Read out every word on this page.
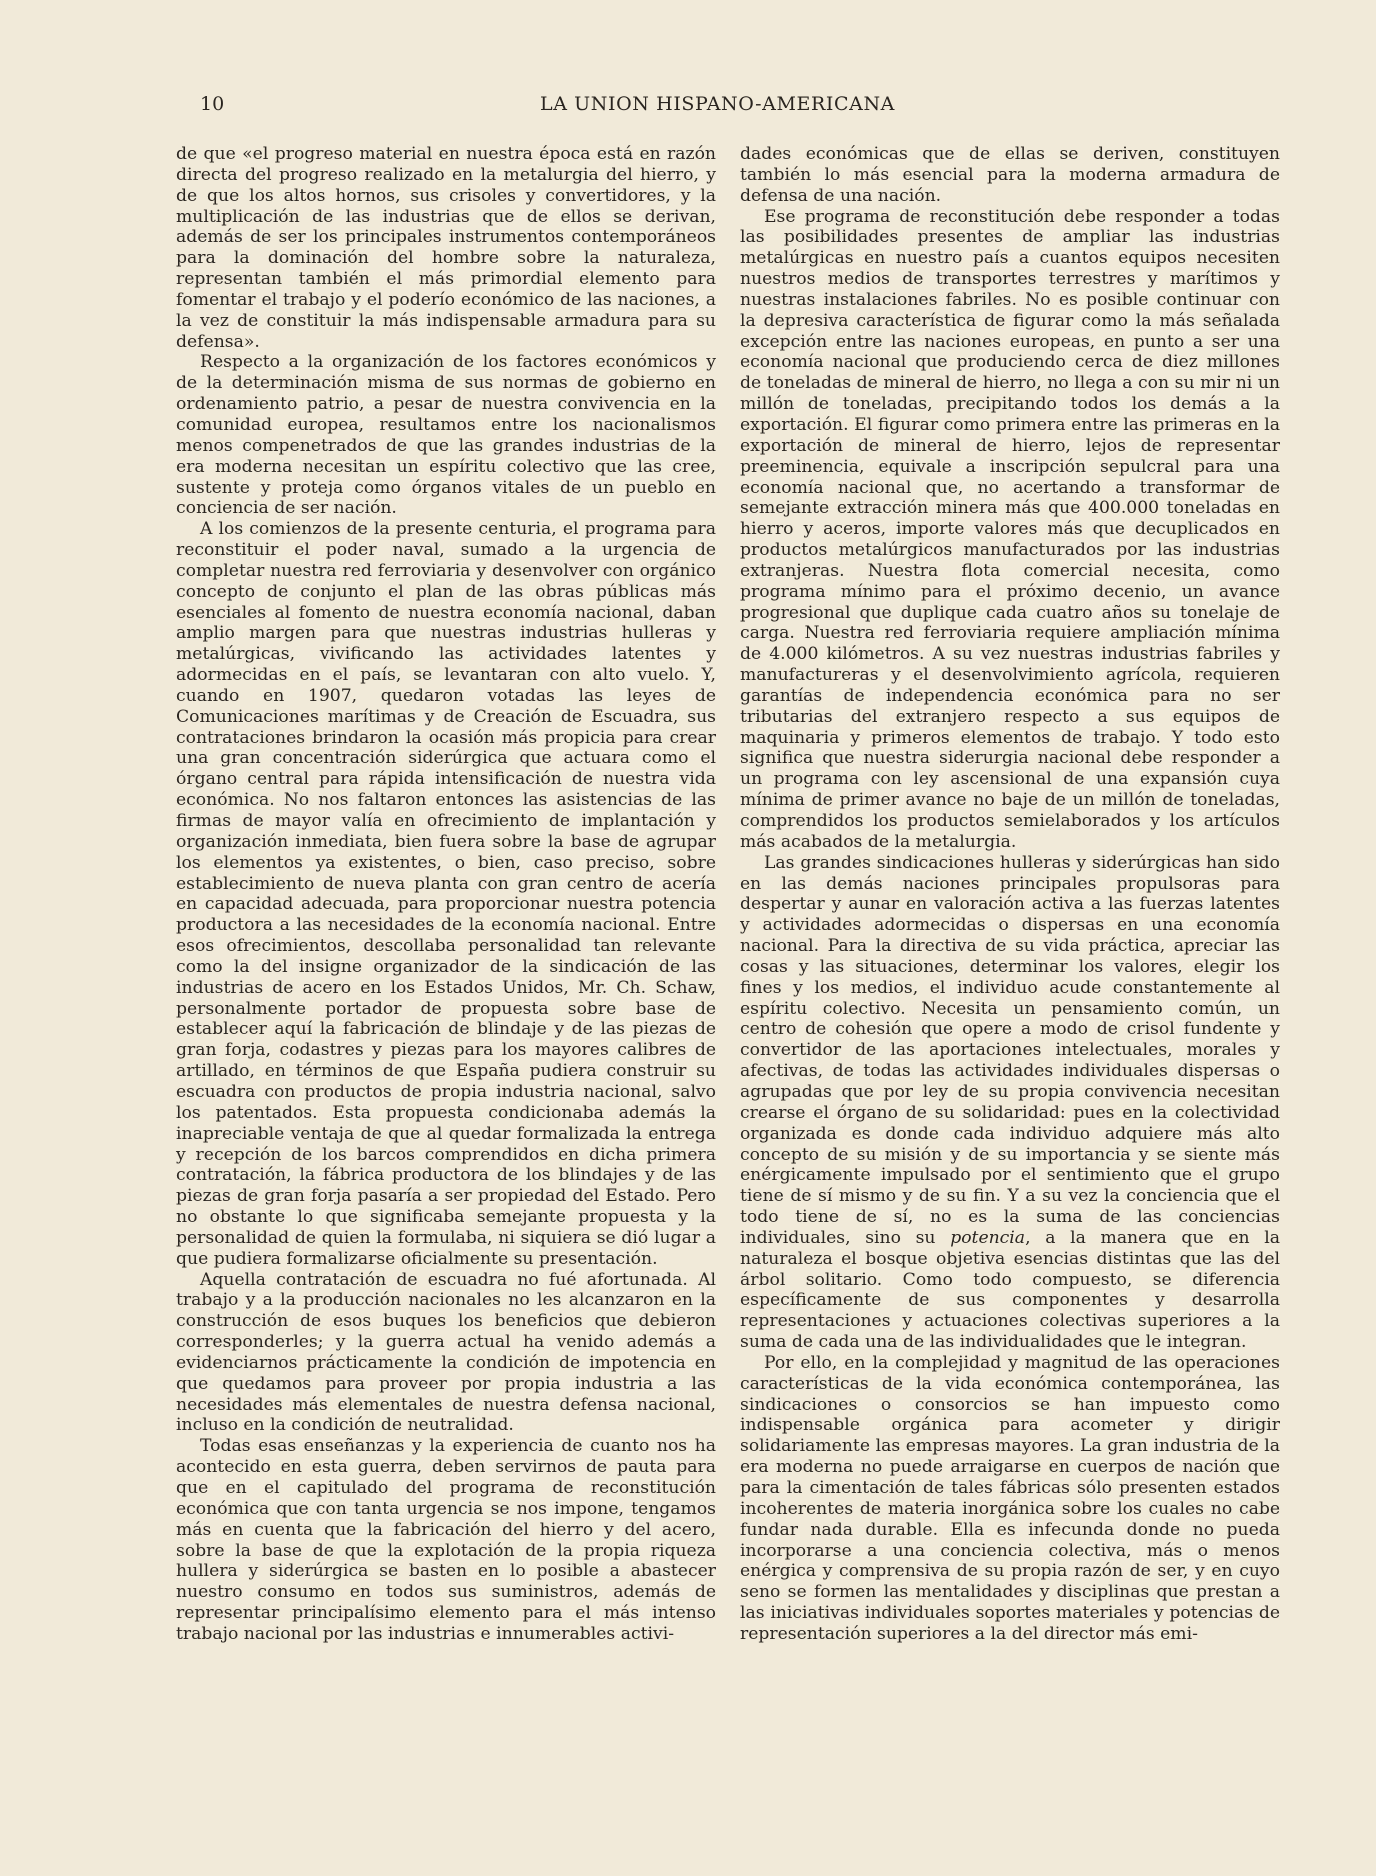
10	LA UNION HISPANO-AMERICANA

de que «el progreso material en nuestra época está en razón directa del progreso realizado en la metalurgia del hierro, y de que los altos hornos, sus crisoles y convertidores, y la multiplicación de las industrias que de ellos se derivan, además de ser los principales instrumentos contemporáneos para la dominación del hombre sobre la naturaleza, representan también el más primordial elemento para fomentar el trabajo y el poderío económico de las naciones, a la vez de constituir la más indispensable armadura para su defensa».

Respecto a la organización de los factores económicos y de la determinación misma de sus normas de gobierno en ordenamiento patrio, a pesar de nuestra convivencia en la comunidad europea, resultamos entre los nacionalismos menos compenetrados de que las grandes industrias de la era moderna necesitan un espíritu colectivo que las cree, sustente y proteja como órganos vitales de un pueblo en conciencia de ser nación.

A los comienzos de la presente centuria, el programa para reconstituir el poder naval, sumado a la urgencia de completar nuestra red ferroviaria y desenvolver con orgánico concepto de conjunto el plan de las obras públicas más esenciales al fomento de nuestra economía nacional, daban amplio margen para que nuestras industrias hulleras y metalúrgicas, vivificando las actividades latentes y adormecidas en el país, se levantaran con alto vuelo. Y, cuando en 1907, quedaron votadas las leyes de Comunicaciones marítimas y de Creación de Escuadra, sus contrataciones brindaron la ocasión más propicia para crear una gran concentración siderúrgica que actuara como el órgano central para rápida intensificación de nuestra vida económica. No nos faltaron entonces las asistencias de las firmas de mayor valía en ofrecimiento de implantación y organización inmediata, bien fuera sobre la base de agrupar los elementos ya existentes, o bien, caso preciso, sobre establecimiento de nueva planta con gran centro de acería en capacidad adecuada, para proporcionar nuestra potencia productora a las necesidades de la economía nacional. Entre esos ofrecimientos, descollaba personalidad tan relevante como la del insigne organizador de la sindicación de las industrias de acero en los Estados Unidos, Mr. Ch. Schaw, personalmente portador de propuesta sobre base de establecer aquí la fabricación de blindaje y de las piezas de gran forja, codastres y piezas para los mayores calibres de artillado, en términos de que España pudiera construir su escuadra con productos de propia industria nacional, salvo los patentados. Esta propuesta condicionaba además la inapreciable ventaja de que al quedar formalizada la entrega y recepción de los barcos comprendidos en dicha primera contratación, la fábrica productora de los blindajes y de las piezas de gran forja pasaría a ser propiedad del Estado. Pero no obstante lo que significaba semejante propuesta y la personalidad de quien la formulaba, ni siquiera se dió lugar a que pudiera formalizarse oficialmente su presentación.

Aquella contratación de escuadra no fué afortunada. Al trabajo y a la producción nacionales no les alcanzaron en la construcción de esos buques los beneficios que debieron corresponderles; y la guerra actual ha venido además a evidenciarnos prácticamente la condición de impotencia en que quedamos para proveer por propia industria a las necesidades más elementales de nuestra defensa nacional, incluso en la condición de neutralidad.

Todas esas enseñanzas y la experiencia de cuanto nos ha acontecido en esta guerra, deben servirnos de pauta para que en el capitulado del programa de reconstitución económica que con tanta urgencia se nos impone, tengamos más en cuenta que la fabricación del hierro y del acero, sobre la base de que la explotación de la propia riqueza hullera y siderúrgica se basten en lo posible a abastecer nuestro consumo en todos sus suministros, además de representar principalísimo elemento para el más intenso trabajo nacional por las industrias e innumerables activi-

dades económicas que de ellas se deriven, constituyen también lo más esencial para la moderna armadura de defensa de una nación.

Ese programa de reconstitución debe responder a todas las posibilidades presentes de ampliar las industrias metalúrgicas en nuestro país a cuantos equipos necesiten nuestros medios de transportes terrestres y marítimos y nuestras instalaciones fabriles. No es posible continuar con la depresiva característica de figurar como la más señalada excepción entre las naciones europeas, en punto a ser una economía nacional que produciendo cerca de diez millones de toneladas de mineral de hierro, no llega a con su mir ni un millón de toneladas, precipitando todos los demás a la exportación. El figurar como primera entre las primeras en la exportación de mineral de hierro, lejos de representar preeminencia, equivale a inscripción sepulcral para una economía nacional que, no acertando a transformar de semejante extracción minera más que 400.000 toneladas en hierro y aceros, importe valores más que decuplicados en productos metalúrgicos manufacturados por las industrias extranjeras. Nuestra flota comercial necesita, como programa mínimo para el próximo decenio, un avance progresional que duplique cada cuatro años su tonelaje de carga. Nuestra red ferroviaria requiere ampliación mínima de 4.000 kilómetros. A su vez nuestras industrias fabriles y manufactureras y el desenvolvimiento agrícola, requieren garantías de independencia económica para no ser tributarias del extranjero respecto a sus equipos de maquinaria y primeros elementos de trabajo. Y todo esto significa que nuestra siderurgia nacional debe responder a un programa con ley ascensional de una expansión cuya mínima de primer avance no baje de un millón de toneladas, comprendidos los productos semielaborados y los artículos más acabados de la metalurgia.

Las grandes sindicaciones hulleras y siderúrgicas han sido en las demás naciones principales propulsoras para despertar y aunar en valoración activa a las fuerzas latentes y actividades adormecidas o dispersas en una economía nacional. Para la directiva de su vida práctica, apreciar las cosas y las situaciones, determinar los valores, elegir los fines y los medios, el individuo acude constantemente al espíritu colectivo. Necesita un pensamiento común, un centro de cohesión que opere a modo de crisol fundente y convertidor de las aportaciones intelectuales, morales y afectivas, de todas las actividades individuales dispersas o agrupadas que por ley de su propia convivencia necesitan crearse el órgano de su solidaridad: pues en la colectividad organizada es donde cada individuo adquiere más alto concepto de su misión y de su importancia y se siente más enérgicamente impulsado por el sentimiento que el grupo tiene de sí mismo y de su fin. Y a su vez la conciencia que el todo tiene de sí, no es la suma de las conciencias individuales, sino su potencia, a la manera que en la naturaleza el bosque objetiva esencias distintas que las del árbol solitario. Como todo compuesto, se diferencia específicamente de sus componentes y desarrolla representaciones y actuaciones colectivas superiores a la suma de cada una de las individualidades que le integran.

Por ello, en la complejidad y magnitud de las operaciones características de la vida económica contemporánea, las sindicaciones o consorcios se han impuesto como indispensable orgánica para acometer y dirigir solidariamente las empresas mayores. La gran industria de la era moderna no puede arraigarse en cuerpos de nación que para la cimentación de tales fábricas sólo presenten estados incoherentes de materia inorgánica sobre los cuales no cabe fundar nada durable. Ella es infecunda donde no pueda incorporarse a una conciencia colectiva, más o menos enérgica y comprensiva de su propia razón de ser, y en cuyo seno se formen las mentalidades y disciplinas que prestan a las iniciativas individuales soportes materiales y potencias de representación superiores a la del director más emi-
